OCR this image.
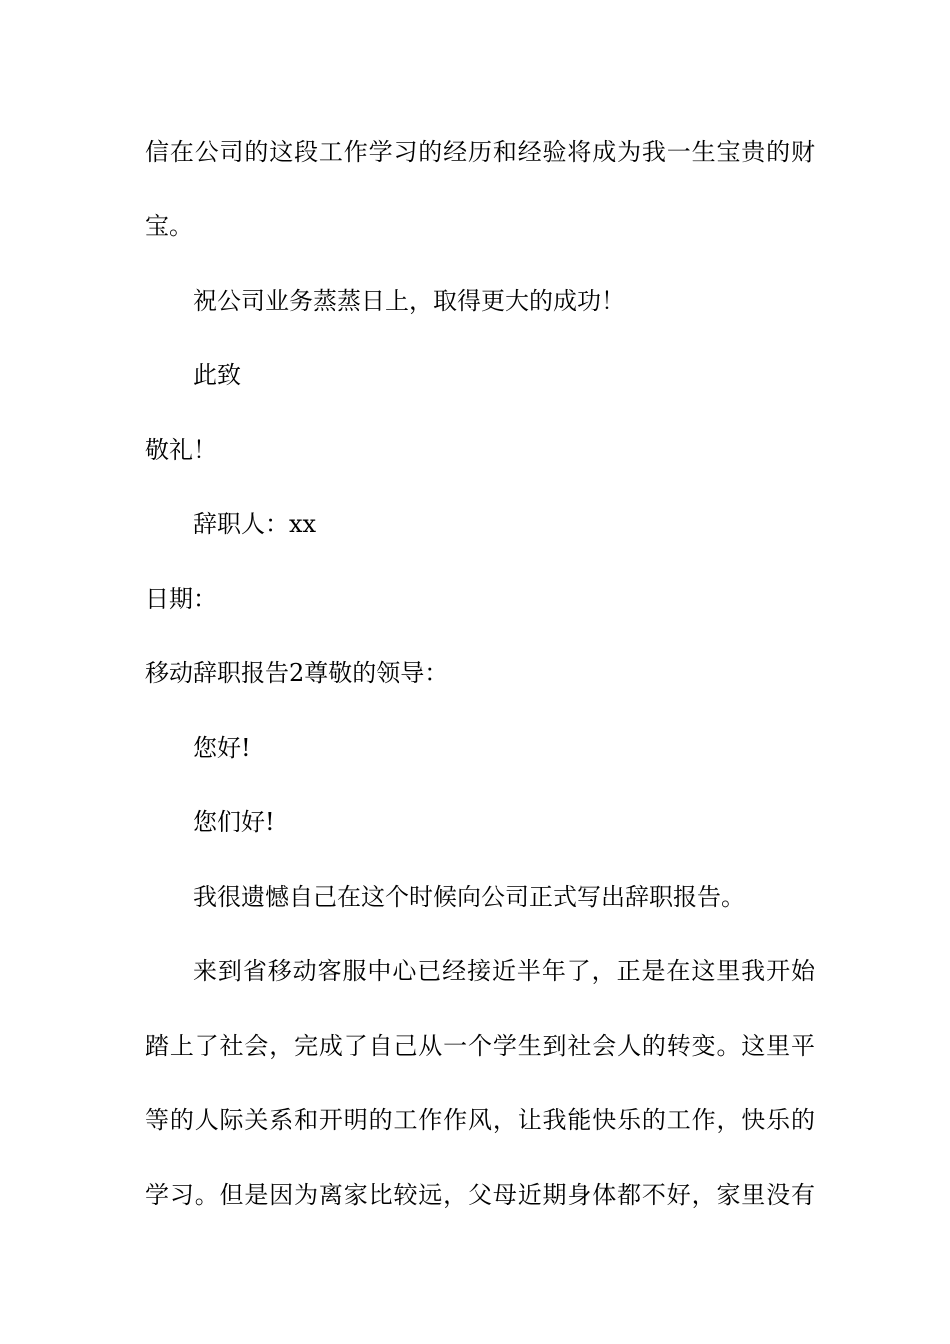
信在公司的这段工作学习的经历和经验将成为我一生宝贵的财
宝。
祝公司业务蒸蒸日上，取得更大的成功！
此致
敬礼！
辞职人：xx
日期：
移动辞职报告2尊敬的领导：
您好!
您们好!
我很遗憾自己在这个时候向公司正式写出辞职报告。
来到省移动客服中心已经接近半年了，正是在这里我开始
踏上了社会，完成了自己从一个学生到社会人的转变。这里平
等的人际关系和开明的工作作风，让我能快乐的工作，快乐的
学习。但是因为离家比较远，父母近期身体都不好，家里没有
